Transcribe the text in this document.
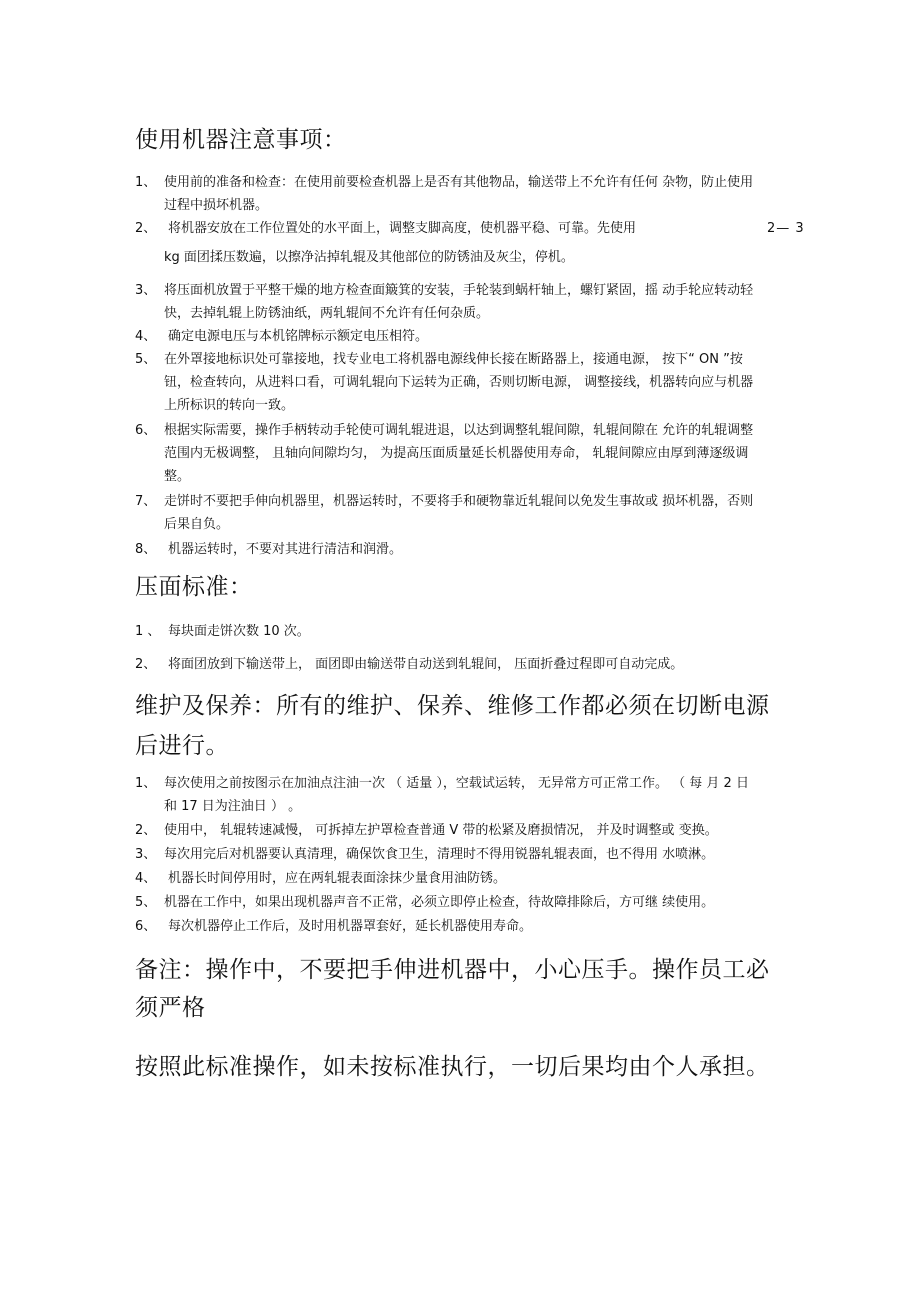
使用机器注意事项：
1、 使用前的准备和检查：在使用前要检查机器上是否有其他物品，输送带上不允许有任何 杂物，防止使用
过程中损坏机器。
2、 将机器安放在工作位置处的水平面上，调整支脚高度，使机器平稳、可靠。先使用	2— 3
kg 面团揉压数遍，以擦净沾掉轧辊及其他部位的防锈油及灰尘，停机。
3、 将压面机放置于平整干燥的地方检查面簸箕的安装，手轮装到蜗杆轴上，螺钉紧固，摇 动手轮应转动轻
快，去掉轧辊上防锈油纸，两轧辊间不允许有任何杂质。
4、 确定电源电压与本机铭牌标示额定电压相符。
5、 在外罩接地标识处可靠接地，找专业电工将机器电源线伸长接在断路器上，接通电源， 按下“ ON ”按
钮，检查转向，从进料口看，可调轧辊向下运转为正确，否则切断电源， 调整接线，机器转向应与机器
上所标识的转向一致。
6、 根据实际需要，操作手柄转动手轮使可调轧辊进退，以达到调整轧辊间隙，轧辊间隙在 允许的轧辊调整
范围内无极调整， 且轴向间隙均匀， 为提高压面质量延长机器使用寿命， 轧辊间隙应由厚到薄逐级调
整。
7、 走饼时不要把手伸向机器里，机器运转时，不要将手和硬物靠近轧辊间以免发生事故或 损坏机器，否则
后果自负。
8、 机器运转时，不要对其进行清洁和润滑。
压面标准：
1 、 每块面走饼次数 10 次。
2、 将面团放到下输送带上， 面团即由输送带自动送到轧辊间， 压面折叠过程即可自动完成。
维护及保养：所有的维护、保养、维修工作都必须在切断电源
后进行。
1、 每次使用之前按图示在加油点注油一次 （ 适量 ），空载试运转， 无异常方可正常工作。 （ 每 月 2 日
和 17 日为注油日 ） 。
2、 使用中， 轧辊转速减慢， 可拆掉左护罩检查普通 V 带的松紧及磨损情况， 并及时调整或 变换。
3、 每次用完后对机器要认真清理，确保饮食卫生，清理时不得用锐器轧辊表面，也不得用 水喷淋。
4、 机器长时间停用时，应在两轧辊表面涂抹少量食用油防锈。
5、 机器在工作中，如果出现机器声音不正常，必须立即停止检查，待故障排除后，方可继 续使用。
6、 每次机器停止工作后，及时用机器罩套好，延长机器使用寿命。
备注：操作中，不要把手伸进机器中，小心压手。操作员工必
须严格
按照此标准操作，如未按标准执行，一切后果均由个人承担。
